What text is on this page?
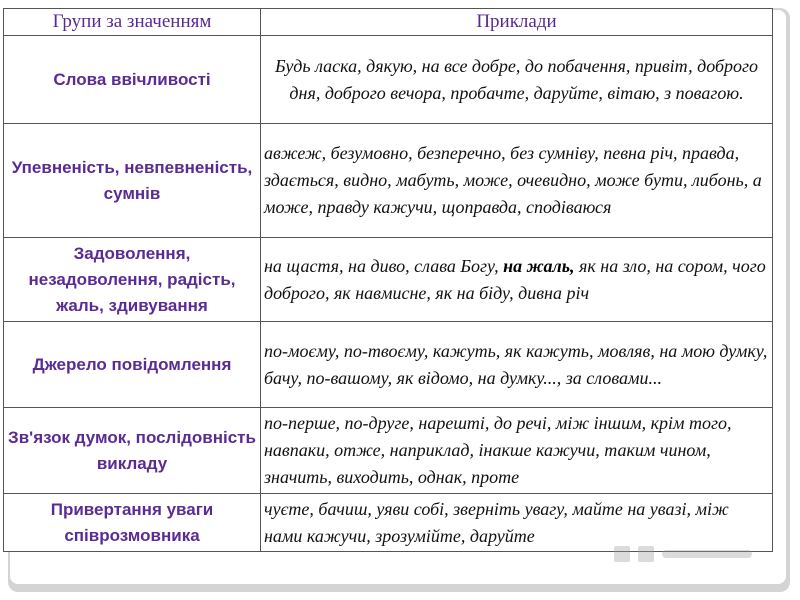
Групи за значенням	Приклади
Слова ввічливості	Будь ласка, дякую, на все добре, до побачення, привіт, доброго дня, доброго вечора, пробачте, даруйте, вітаю, з повагою.
Упевненість, невпевненість, сумнів	авжеж, безумовно, безперечно, без сумніву, певна річ, правда, здається, видно, мабуть, може, очевидно, може бути, либонь, а може, правду кажучи, щоправда, сподіваюся
Задоволення, незадоволення, радість, жаль, здивування	на щастя, на диво, слава Богу, на жаль, як на зло, на сором, чого доброго, як навмисне, як на біду, дивна річ
Джерело повідомлення	по-моєму, по-твоєму, кажуть, як кажуть, мовляв, на мою думку, бачу, по-вашому, як відомо, на думку..., за словами...
Зв'язок думок, послідовність викладу	по-перше, по-друге, нарешті, до речі, між іншим, крім того, навпаки, отже, наприклад, інакше кажучи, таким чином, значить, виходить, однак, проте
Привертання уваги співрозмовника	чуєте, бачиш, уяви собі, зверніть увагу, майте на увазі, між нами кажучи, зрозумійте, даруйте
